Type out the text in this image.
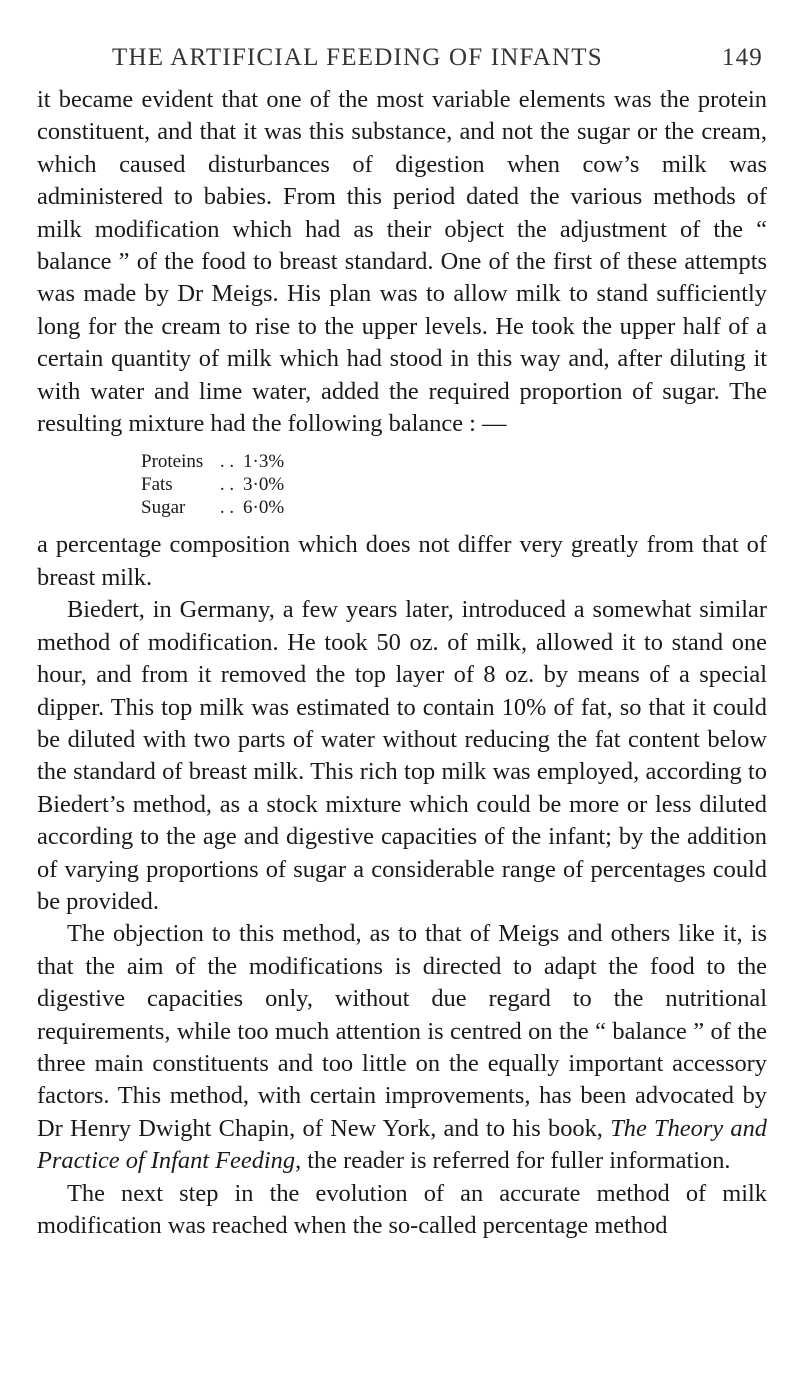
THE ARTIFICIAL FEEDING OF INFANTS	149

it became evident that one of the most variable elements was the protein constituent, and that it was this substance, and not the sugar or the cream, which caused disturbances of digestion when cow’s milk was administered to babies. From this period dated the various methods of milk modification which had as their object the adjustment of the “ balance ” of the food to breast standard. One of the first of these attempts was made by Dr Meigs. His plan was to allow milk to stand sufficiently long for the cream to rise to the upper levels. He took the upper half of a certain quantity of milk which had stood in this way and, after diluting it with water and lime water, added the required proportion of sugar. The resulting mixture had the following balance : —

Proteins . . 1·3%
Fats	. . 3·0%
Sugar	. . 6·0%

a percentage composition which does not differ very greatly from that of breast milk.

Biedert, in Germany, a few years later, introduced a somewhat similar method of modification. He took 50 oz. of milk, allowed it to stand one hour, and from it removed the top layer of 8 oz. by means of a special dipper. This top milk was estimated to contain 10% of fat, so that it could be diluted with two parts of water without reducing the fat content below the standard of breast milk. This rich top milk was employed, according to Biedert’s method, as a stock mixture which could be more or less diluted according to the age and digestive capacities of the infant; by the addition of varying proportions of sugar a considerable range of percentages could be provided.

The objection to this method, as to that of Meigs and others like it, is that the aim of the modifications is directed to adapt the food to the digestive capacities only, without due regard to the nutritional requirements, while too much attention is centred on the “ balance ” of the three main constituents and too little on the equally important accessory factors. This method, with certain improvements, has been advocated by Dr Henry Dwight Chapin, of New York, and to his book, The Theory and Practice of Infant Feeding, the reader is referred for fuller information.

The next step in the evolution of an accurate method of milk modification was reached when the so-called percentage method
